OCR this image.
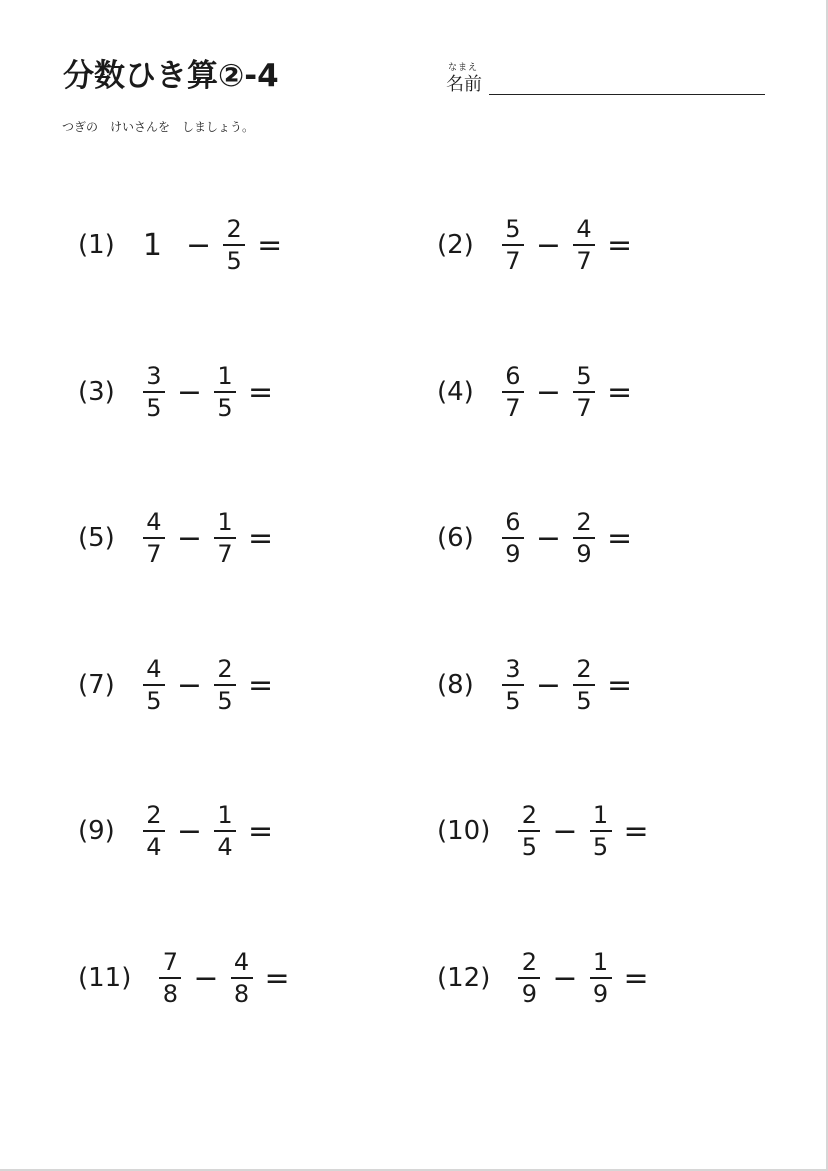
分数ひき算②-4	なまえ
名前
つぎの　けいさんを　しましょう。
(1) $1 - \frac{2}{5}$ =	$(2) \frac{5}{7} - \frac{4}{7}$ =
$(3) \frac{3}{5} - \frac{1}{5}$ =	$(4) \frac{6}{7} - \frac{5}{7}$ =
$(5) \frac{4}{7} - \frac{1}{7}$ =	$(6) \frac{6}{9} - \frac{2}{9}$ =
$(7) \frac{4}{5} - \frac{2}{5}$ =	$(8) \frac{3}{5} - \frac{2}{5}$ =
$(9) \frac{2}{4} - \frac{1}{4}$ =	$(10) \frac{2}{5} - \frac{1}{5}$ =
$(11) \frac{7}{8} - \frac{4}{8}$ =	$(12) \frac{2}{9} - \frac{1}{9}$ =
